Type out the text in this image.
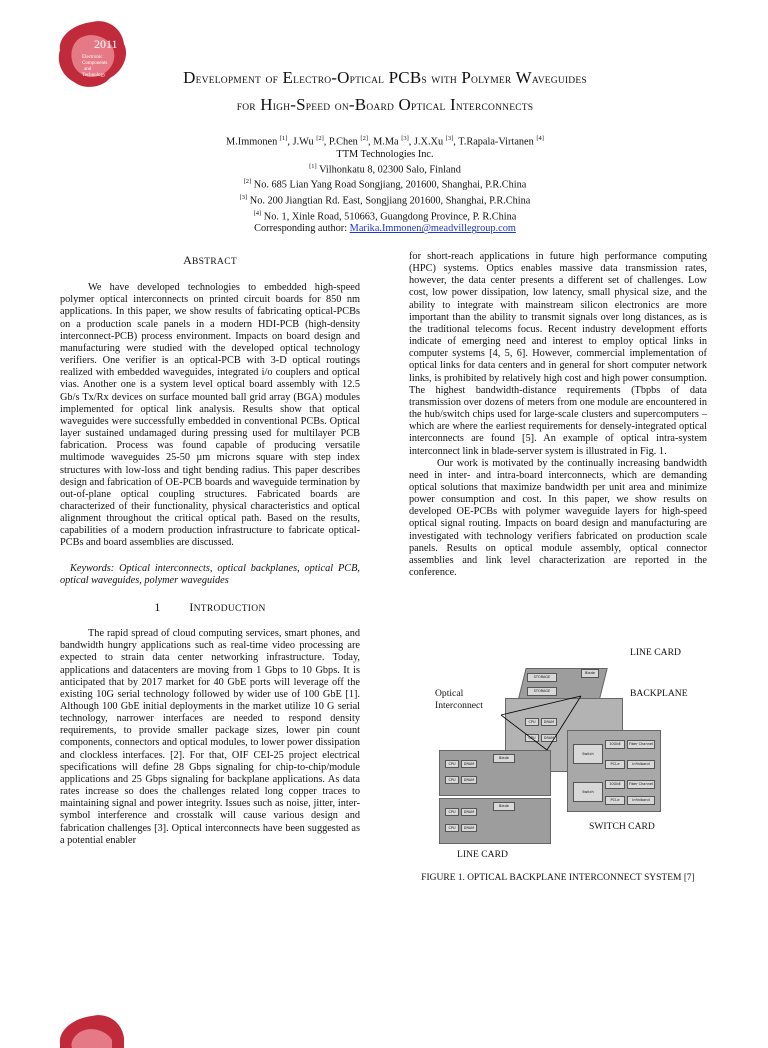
2011
Electronic
Components
and
Technology	DEVELOPMENT OF ELECTRO-OPTICAL PCBS WITH POLYMER WAVEGUIDES
FOR HIGH-SPEED ON-BOARD OPTICAL INTERCONNECTS
M.Immonen [1], J.Wu [2], P.Chen [2], M.Ma [3], J.X.Xu [3], T.Rapala-Virtanen [4]
TTM Technologies Inc.
[1] Vilhonkatu 8, 02300 Salo, Finland
[2] No. 685 Lian Yang Road Songjiang, 201600, Shanghai, P.R.China
[3] No. 200 Jiangtian Rd. East, Songjiang 201600, Shanghai, P.R.China
[4] No. 1, Xinle Road, 510663, Guangdong Province, P. R.China
Corresponding author: Marika.Immonen@meadvillegroup.com
ABSTRACT

We have developed technologies to embedded high-speed polymer optical interconnects on printed circuit boards for 850 nm applications. In this paper, we show results of fabricating optical-PCBs on a production scale panels in a modern HDI-PCB (high-density interconnect-PCB) process environment. Impacts on board design and manufacturing were studied with the developed optical technology verifiers. One verifier is an optical-PCB with 3-D optical routings realized with embedded waveguides, integrated i/o couplers and optical vias. Another one is a system level optical board assembly with 12.5 Gb/s Tx/Rx devices on surface mounted ball grid array (BGA) modules implemented for optical link analysis. Results show that optical waveguides were successfully embedded in conventional PCBs. Optical layer sustained undamaged during pressing used for multilayer PCB fabrication. Process was found capable of producing versatile multimode waveguides 25-50 µm microns square with step index structures with low-loss and tight bending radius. This paper describes design and fabrication of OE-PCB boards and waveguide termination by out-of-plane optical coupling structures. Fabricated boards are characterized of their functionality, physical characteristics and optical alignment throughout the critical optical path. Based on the results, capabilities of a modern production infrastructure to fabricate optical-PCBs and board assemblies are discussed.

Keywords: Optical interconnects, optical backplanes, optical PCB, optical waveguides, polymer waveguides

1 INTRODUCTION

The rapid spread of cloud computing services, smart phones, and bandwidth hungry applications such as real-time video processing are expected to strain data center networking infrastructure. Today, applications and datacenters are moving from 1 Gbps to 10 Gbps. It is anticipated that by 2017 market for 40 GbE ports will leverage off the existing 10G serial technology followed by wider use of 100 GbE [1]. Although 100 GbE initial deployments in the market utilize 10 G serial technology, narrower interfaces are needed to respond density requirements, to provide smaller package sizes, lower pin count components, connectors and optical modules, to lower power dissipation and clockless interfaces. [2]. For that, OIF CEI-25 project electrical specifications will define 28 Gbps signaling for chip-to-chip/module applications and 25 Gbps signaling for backplane applications. As data rates increase so does the challenges related long copper traces to maintaining signal and power integrity. Issues such as noise, jitter, inter-symbol interference and crosstalk will cause various design and fabrication challenges [3]. Optical interconnects have been suggested as a potential enabler

for short-reach applications in future high performance computing (HPC) systems. Optics enables massive data transmission rates, however, the data center presents a different set of challenges. Low cost, low power dissipation, low latency, small physical size, and the ability to integrate with mainstream silicon electronics are more important than the ability to transmit signals over long distances, as is the traditional telecoms focus. Recent industry development efforts indicate of emerging need and interest to employ optical links in computer systems [4, 5, 6]. However, commercial implementation of optical links for data centers and in general for short computer network links, is prohibited by relatively high cost and high power consumption. The highest bandwidth-distance requirements (Tbpbs of data transmission over dozens of meters from one module are encountered in the hub/switch chips used for large-scale clusters and supercomputers – which are where the earliest requirements for densely-integrated optical interconnects are found [5]. An example of optical intra-system interconnect link in blade-server system is illustrated in Fig. 1.

Our work is motivated by the continually increasing bandwidth need in inter- and intra-board interconnects, which are demanding optical solutions that maximize bandwidth per unit area and minimize power consumption and cost. In this paper, we show results on developed OE-PCBs with polymer waveguide layers for high-speed optical signal routing. Impacts on board design and manufacturing are investigated with technology verifiers fabricated on production scale panels. Results on optical module assembly, optical connector assemblies and link level characterization are reported in the conference.

STORAGE
Blade
STORAGE
CPU	DRAM
CPU	DRAM
Switch
10GbE	Fiber Channel
PCI-e	Infiniband
Switch
10GbE	Fiber Channel
PCI-e	Infiniband
Blade
CPU	DRAM
CPU	DRAM
Blade
CPU	DRAM
CPU	DRAM
LINE CARD
Optical
Interconnect
BACKPLANE
SWITCH CARD
LINE CARD
FIGURE 1. OPTICAL BACKPLANE INTERCONNECT SYSTEM [7]
